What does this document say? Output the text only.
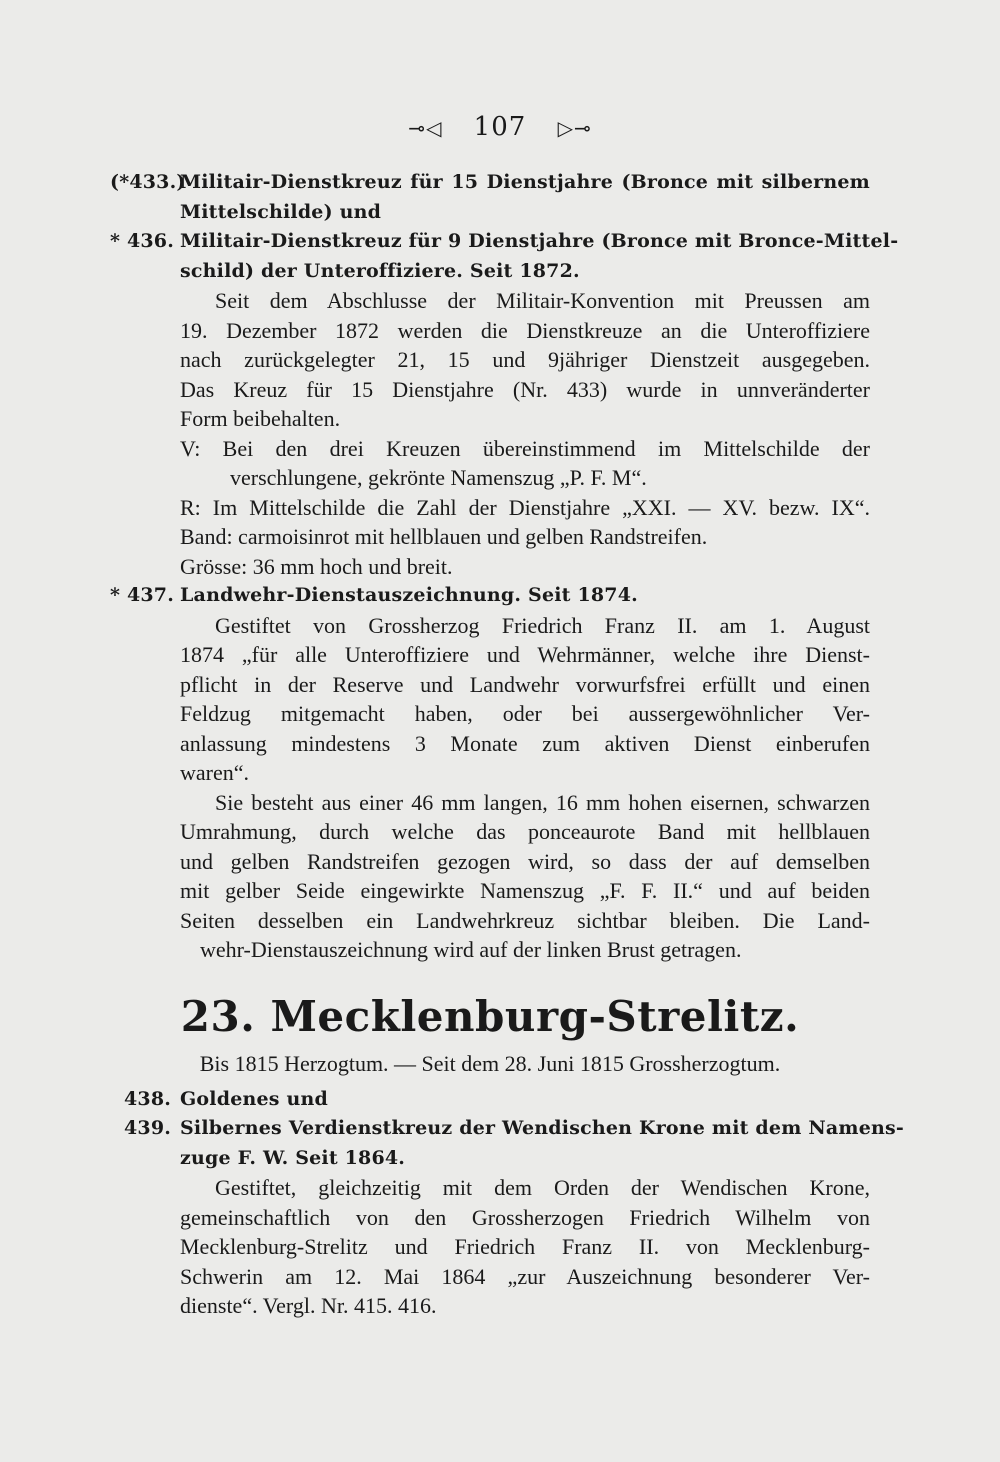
⊸◁ 107 ▷⊸
(*433.)
Militair-Dienstkreuz für 15 Dienstjahre (Bronce mit silbernem
Mittelschilde) und
* 436. Militair-Dienstkreuz für 9 Dienstjahre (Bronce mit Bronce-Mittel-
schild) der Unteroffiziere. Seit 1872.
Seit dem Abschlusse der Militair-Konvention mit Preussen am
19. Dezember 1872 werden die Dienstkreuze an die Unteroffiziere
nach zurückgelegter 21, 15 und 9jähriger Dienstzeit ausgegeben.
Das Kreuz für 15 Dienstjahre (Nr. 433) wurde in unnveränderter
Form beibehalten.
V: Bei den drei Kreuzen übereinstimmend im Mittelschilde der
verschlungene, gekrönte Namenszug „P. F. M“.
R: Im Mittelschilde die Zahl der Dienstjahre „XXI. — XV. bezw. IX“.
Band: carmoisinrot mit hellblauen und gelben Randstreifen.
Grösse: 36 mm hoch und breit.
* 437. Landwehr-Dienstauszeichnung. Seit 1874.
Gestiftet von Grossherzog Friedrich Franz II. am 1. August
1874 „für alle Unteroffiziere und Wehrmänner, welche ihre Dienst-
pflicht in der Reserve und Landwehr vorwurfsfrei erfüllt und einen
Feldzug mitgemacht haben, oder bei aussergewöhnlicher Ver-
anlassung mindestens 3 Monate zum aktiven Dienst einberufen
waren“.
Sie besteht aus einer 46 mm langen, 16 mm hohen eisernen, schwarzen
Umrahmung, durch welche das ponceaurote Band mit hellblauen
und gelben Randstreifen gezogen wird, so dass der auf demselben
mit gelber Seide eingewirkte Namenszug „F. F. II.“ und auf beiden
Seiten desselben ein Landwehrkreuz sichtbar bleiben. Die Land-
wehr-Dienstauszeichnung wird auf der linken Brust getragen.
23. Mecklenburg-Strelitz.
Bis 1815 Herzogtum. — Seit dem 28. Juni 1815 Grossherzogtum.
438. Goldenes und
439. Silbernes Verdienstkreuz der Wendischen Krone mit dem Namens-
zuge F. W. Seit 1864.
Gestiftet, gleichzeitig mit dem Orden der Wendischen Krone,
gemeinschaftlich von den Grossherzogen Friedrich Wilhelm von
Mecklenburg-Strelitz und Friedrich Franz II. von Mecklenburg-
Schwerin am 12. Mai 1864 „zur Auszeichnung besonderer Ver-
dienste“. Vergl. Nr. 415. 416.
